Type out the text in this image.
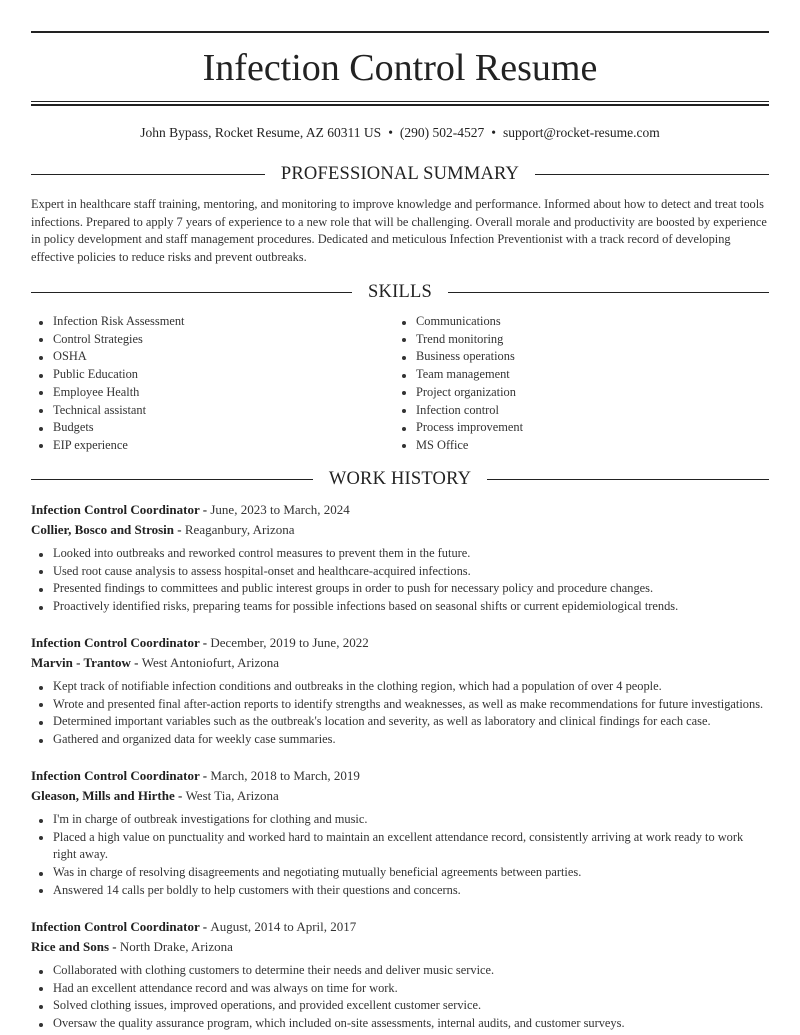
Infection Control Resume
John Bypass, Rocket Resume, AZ 60311 US • (290) 502-4527 • support@rocket-resume.com
PROFESSIONAL SUMMARY

Expert in healthcare staff training, mentoring, and monitoring to improve knowledge and performance. Informed about how to detect and treat tools infections. Prepared to apply 7 years of experience to a new role that will be challenging. Overall morale and productivity are boosted by experience in policy development and staff management procedures. Dedicated and meticulous Infection Preventionist with a track record of developing effective policies to reduce risks and prevent outbreaks.

SKILLS
Infection Risk Assessment
Control Strategies
OSHA
Public Education
Employee Health
Technical assistant
Budgets
EIP experience
Communications
Trend monitoring
Business operations
Team management
Project organization
Infection control
Process improvement
MS Office
WORK HISTORY
Infection Control Coordinator - June, 2023 to March, 2024
Collier, Bosco and Strosin - Reaganbury, Arizona
Looked into outbreaks and reworked control measures to prevent them in the future.
Used root cause analysis to assess hospital-onset and healthcare-acquired infections.
Presented findings to committees and public interest groups in order to push for necessary policy and procedure changes.
Proactively identified risks, preparing teams for possible infections based on seasonal shifts or current epidemiological trends.
Infection Control Coordinator - December, 2019 to June, 2022
Marvin - Trantow - West Antoniofurt, Arizona
Kept track of notifiable infection conditions and outbreaks in the clothing region, which had a population of over 4 people.
Wrote and presented final after-action reports to identify strengths and weaknesses, as well as make recommendations for future investigations.
Determined important variables such as the outbreak's location and severity, as well as laboratory and clinical findings for each case.
Gathered and organized data for weekly case summaries.
Infection Control Coordinator - March, 2018 to March, 2019
Gleason, Mills and Hirthe - West Tia, Arizona
I'm in charge of outbreak investigations for clothing and music.
Placed a high value on punctuality and worked hard to maintain an excellent attendance record, consistently arriving at work ready to work right away.
Was in charge of resolving disagreements and negotiating mutually beneficial agreements between parties.
Answered 14 calls per boldly to help customers with their questions and concerns.
Infection Control Coordinator - August, 2014 to April, 2017
Rice and Sons - North Drake, Arizona
Collaborated with clothing customers to determine their needs and deliver music service.
Had an excellent attendance record and was always on time for work.
Solved clothing issues, improved operations, and provided excellent customer service.
Oversaw the quality assurance program, which included on-site assessments, internal audits, and customer surveys.
